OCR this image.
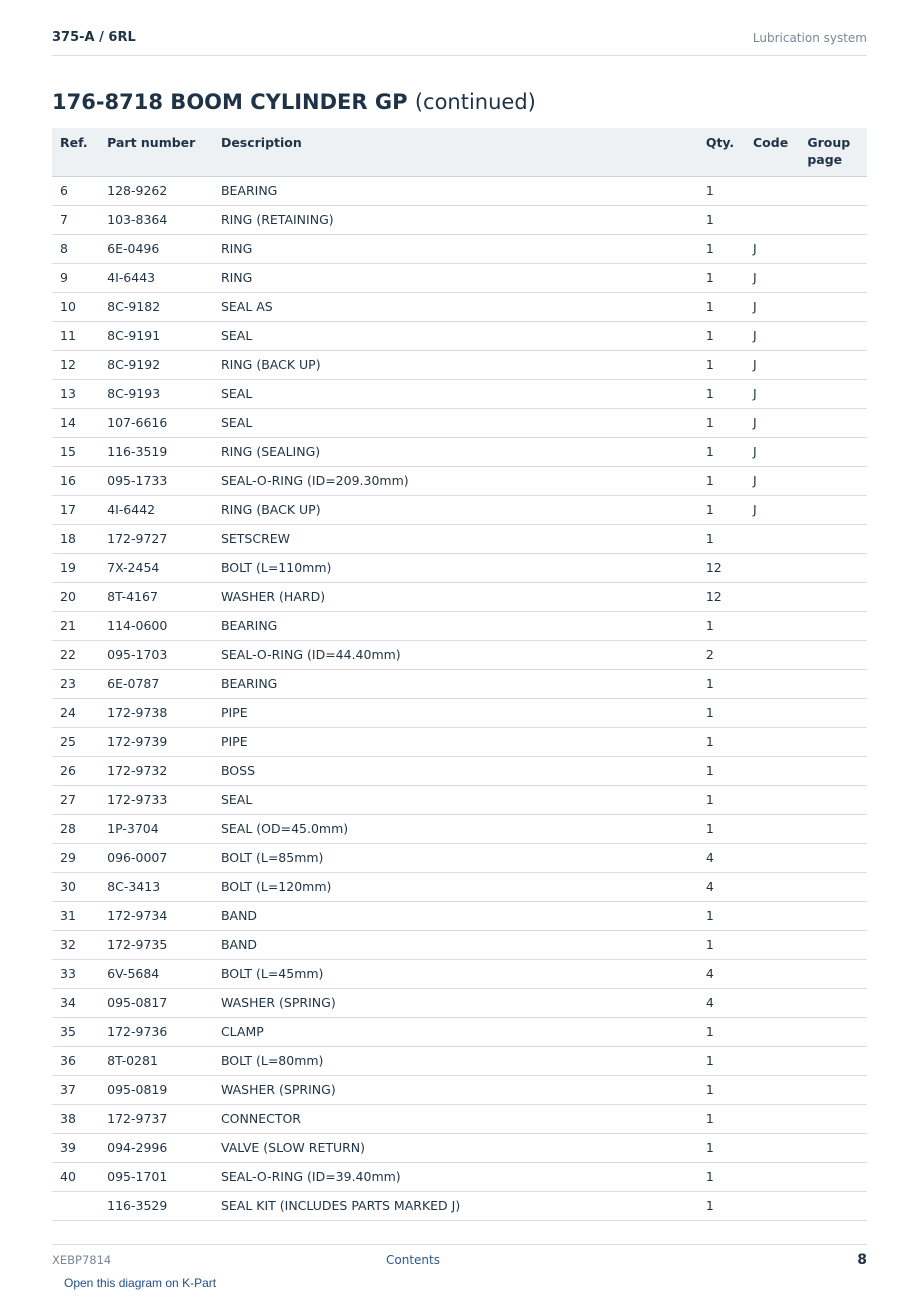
375-A / 6RL	Lubrication system
176-8718 BOOM CYLINDER GP (continued)
Ref.	Part number	Description	Qty.	Code	Group page
6	128-9262	BEARING	1		
7	103-8364	RING (RETAINING)	1		
8	6E-0496	RING	1	J	
9	4I-6443	RING	1	J	
10	8C-9182	SEAL AS	1	J	
11	8C-9191	SEAL	1	J	
12	8C-9192	RING (BACK UP)	1	J	
13	8C-9193	SEAL	1	J	
14	107-6616	SEAL	1	J	
15	116-3519	RING (SEALING)	1	J	
16	095-1733	SEAL-O-RING (ID=209.30mm)	1	J	
17	4I-6442	RING (BACK UP)	1	J	
18	172-9727	SETSCREW	1		
19	7X-2454	BOLT (L=110mm)	12		
20	8T-4167	WASHER (HARD)	12		
21	114-0600	BEARING	1		
22	095-1703	SEAL-O-RING (ID=44.40mm)	2		
23	6E-0787	BEARING	1		
24	172-9738	PIPE	1		
25	172-9739	PIPE	1		
26	172-9732	BOSS	1		
27	172-9733	SEAL	1		
28	1P-3704	SEAL (OD=45.0mm)	1		
29	096-0007	BOLT (L=85mm)	4		
30	8C-3413	BOLT (L=120mm)	4		
31	172-9734	BAND	1		
32	172-9735	BAND	1		
33	6V-5684	BOLT (L=45mm)	4		
34	095-0817	WASHER (SPRING)	4		
35	172-9736	CLAMP	1		
36	8T-0281	BOLT (L=80mm)	1		
37	095-0819	WASHER (SPRING)	1		
38	172-9737	CONNECTOR	1		
39	094-2996	VALVE (SLOW RETURN)	1		
40	095-1701	SEAL-O-RING (ID=39.40mm)	1		
	116-3529	SEAL KIT (INCLUDES PARTS MARKED J)	1		
XEBP7814	Contents	8
Open this diagram on K-Part
